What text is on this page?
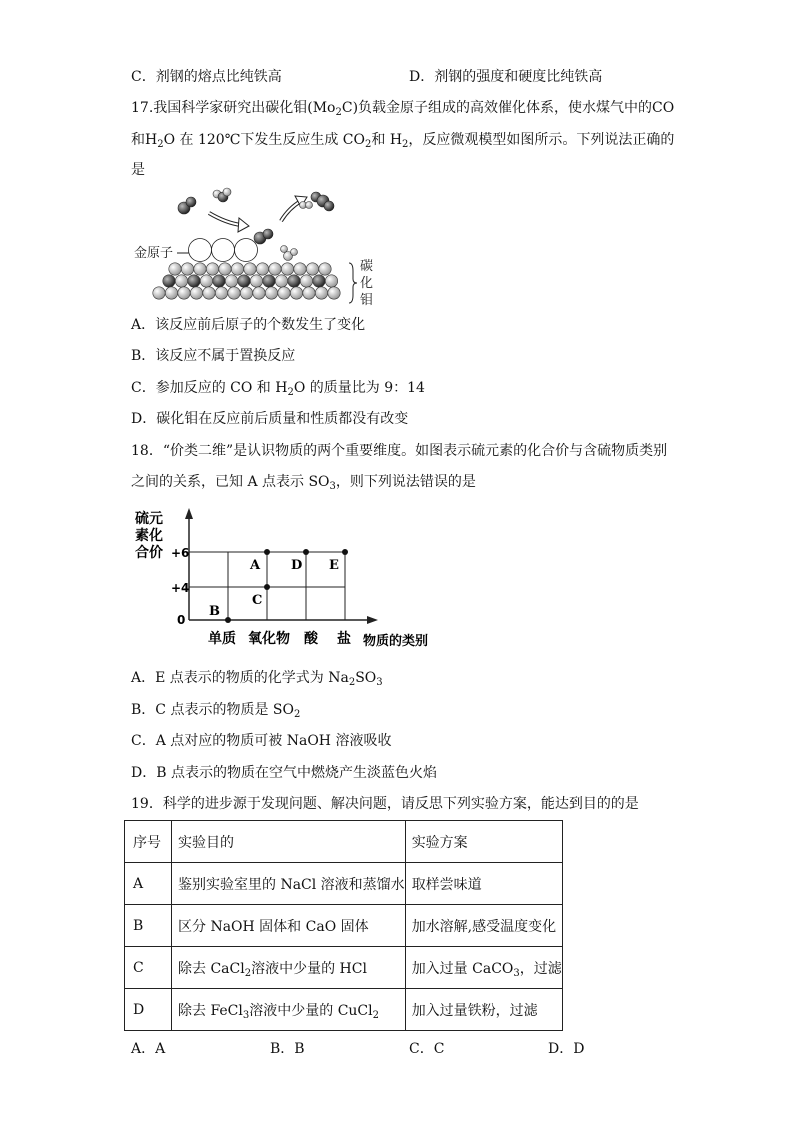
C．剂钢的熔点比纯铁高	D．剂钢的强度和硬度比纯铁高
17.我国科学家研究出碳化钼$(Mo_2C)$负载金原子组成的高效催化体系，使水煤气中的CO
和$H_2O$ 在 120℃下发生反应生成 $CO_2$和 $H_2$，反应微观模型如图所示。下列说法正确的
是
金原子
碳
化
钼
A．该反应前后原子的个数发生了变化
B．该反应不属于置换反应
C．参加反应的 CO 和 $H_2O$ 的质量比为 9：14
D．碳化钼在反应前后质量和性质都没有改变
18．“价类二维”是认识物质的两个重要维度。如图表示硫元素的化合价与含硫物质类别
之间的关系，已知 A 点表示 $SO_3$，则下列说法错误的是
硫元
素化
合价 +6
+4
0
A
B
C
D E
单质 氧化物 酸 盐 物质的类别
A．E 点表示的物质的化学式为 $Na_2SO_3$
B．C 点表示的物质是 $SO_2$
C．A 点对应的物质可被 NaOH 溶液吸收
D．B 点表示的物质在空气中燃烧产生淡蓝色火焰
19．科学的进步源于发现问题、解决问题，请反思下列实验方案，能达到目的的是
序号	实验目的	实验方案
A	鉴别实验室里的 NaCl 溶液和蒸馏水	取样尝味道
B	区分 NaOH 固体和 CaO 固体	加水溶解,感受温度变化
C	除去 CaCl$_2$溶液中少量的 HCl	加入过量 CaCO$_3$，过滤
D	除去 FeCl$_3$溶液中少量的 CuCl$_2$	加入过量铁粉，过滤
A．A	B．B	C．C	D．D
